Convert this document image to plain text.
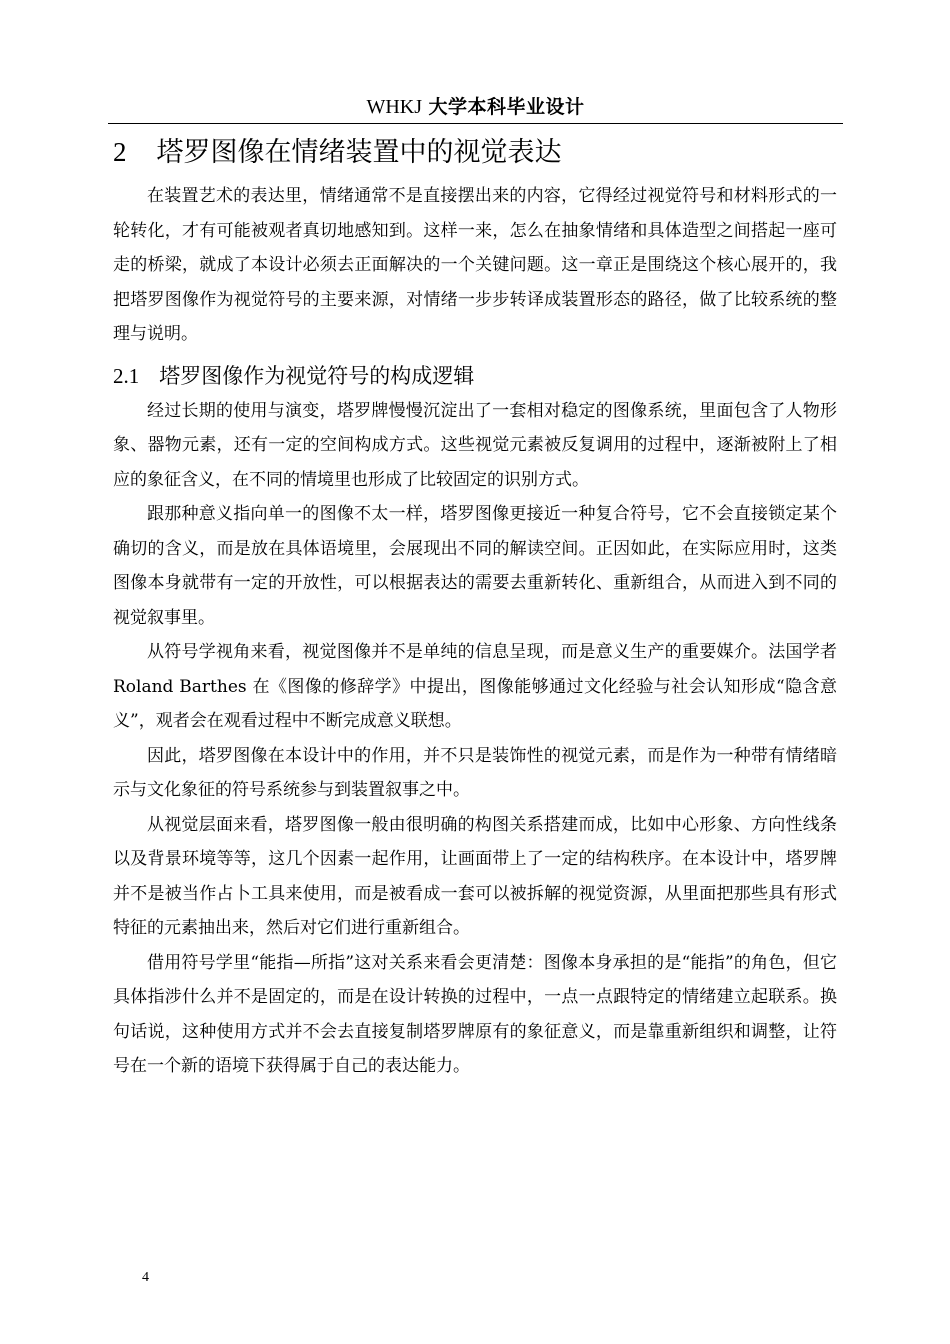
WHKJ 大学本科毕业设计
2 塔罗图像在情绪装置中的视觉表达

在装置艺术的表达里，情绪通常不是直接摆出来的内容，它得经过视觉符号和材料形式的一轮转化，才有可能被观者真切地感知到。这样一来，怎么在抽象情绪和具体造型之间搭起一座可走的桥梁，就成了本设计必须去正面解决的一个关键问题。这一章正是围绕这个核心展开的，我把塔罗图像作为视觉符号的主要来源，对情绪一步步转译成装置形态的路径，做了比较系统的整理与说明。

2.1 塔罗图像作为视觉符号的构成逻辑

经过长期的使用与演变，塔罗牌慢慢沉淀出了一套相对稳定的图像系统，里面包含了人物形象、器物元素，还有一定的空间构成方式。这些视觉元素被反复调用的过程中，逐渐被附上了相应的象征含义，在不同的情境里也形成了比较固定的识别方式。

跟那种意义指向单一的图像不太一样，塔罗图像更接近一种复合符号，它不会直接锁定某个确切的含义，而是放在具体语境里，会展现出不同的解读空间。正因如此，在实际应用时，这类图像本身就带有一定的开放性，可以根据表达的需要去重新转化、重新组合，从而进入到不同的视觉叙事里。

从符号学视角来看，视觉图像并不是单纯的信息呈现，而是意义生产的重要媒介。法国学者 Roland Barthes 在《图像的修辞学》中提出，图像能够通过文化经验与社会认知形成“隐含意义”，观者会在观看过程中不断完成意义联想。

因此，塔罗图像在本设计中的作用，并不只是装饰性的视觉元素，而是作为一种带有情绪暗示与文化象征的符号系统参与到装置叙事之中。

从视觉层面来看，塔罗图像一般由很明确的构图关系搭建而成，比如中心形象、方向性线条以及背景环境等等，这几个因素一起作用，让画面带上了一定的结构秩序。在本设计中，塔罗牌并不是被当作占卜工具来使用，而是被看成一套可以被拆解的视觉资源，从里面把那些具有形式特征的元素抽出来，然后对它们进行重新组合。

借用符号学里“能指—所指”这对关系来看会更清楚：图像本身承担的是“能指”的角色，但它具体指涉什么并不是固定的，而是在设计转换的过程中，一点一点跟特定的情绪建立起联系。换句话说，这种使用方式并不会去直接复制塔罗牌原有的象征意义，而是靠重新组织和调整，让符号在一个新的语境下获得属于自己的表达能力。

4
